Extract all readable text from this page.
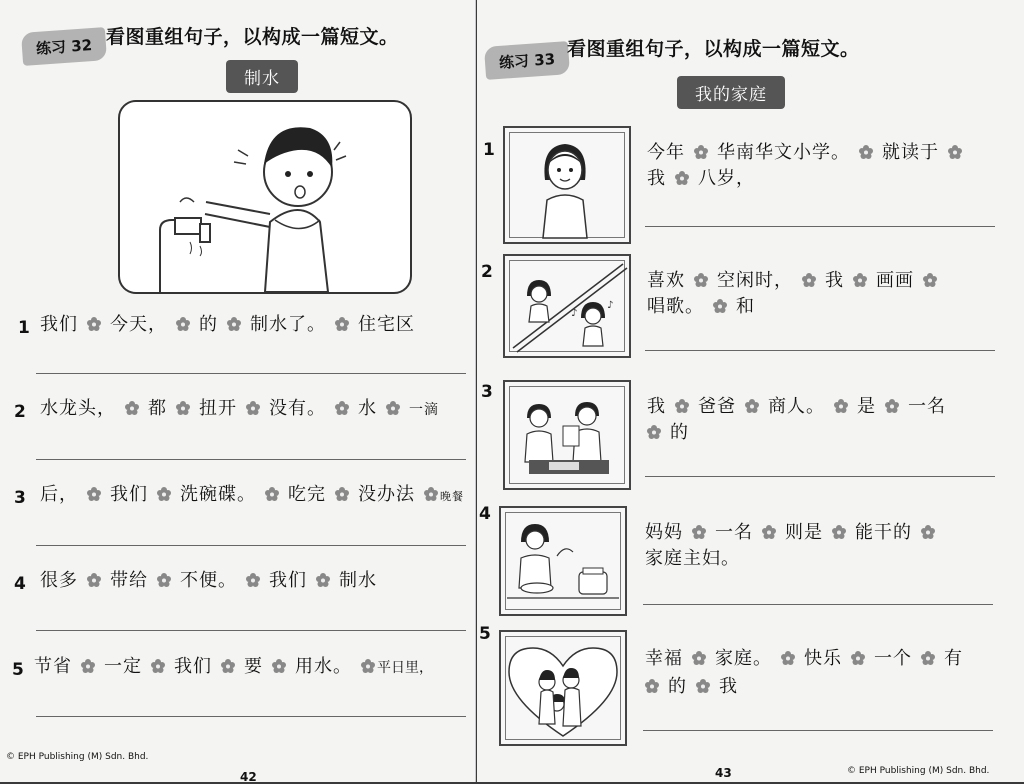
练习 32 看图重组句子，以构成一篇短文。
制水
1 我们 今天， 的 制水了。 住宅区
2 水龙头， 都 扭开 没有。 水 一滴
3 后， 我们 洗碗碟。 吃完 没办法 晚餐
4 很多 带给 不便。 我们 制水
5 节省 一定 我们 要 用水。 平日里，
© EPH Publishing (M) Sdn. Bhd.
42
练习 33
看图重组句子，以构成一篇短文。
我的家庭
1	今年 华南华文小学。 就读于
我 八岁，
2
♪
♪
喜欢 空闲时， 我 画画
唱歌。 和
3
我 爸爸 商人。 是 一名
的
4
妈妈 一名 则是 能干的
家庭主妇。
5
幸福 家庭。 快乐 一个 有
的 我
43	© EPH Publishing (M) Sdn. Bhd.
